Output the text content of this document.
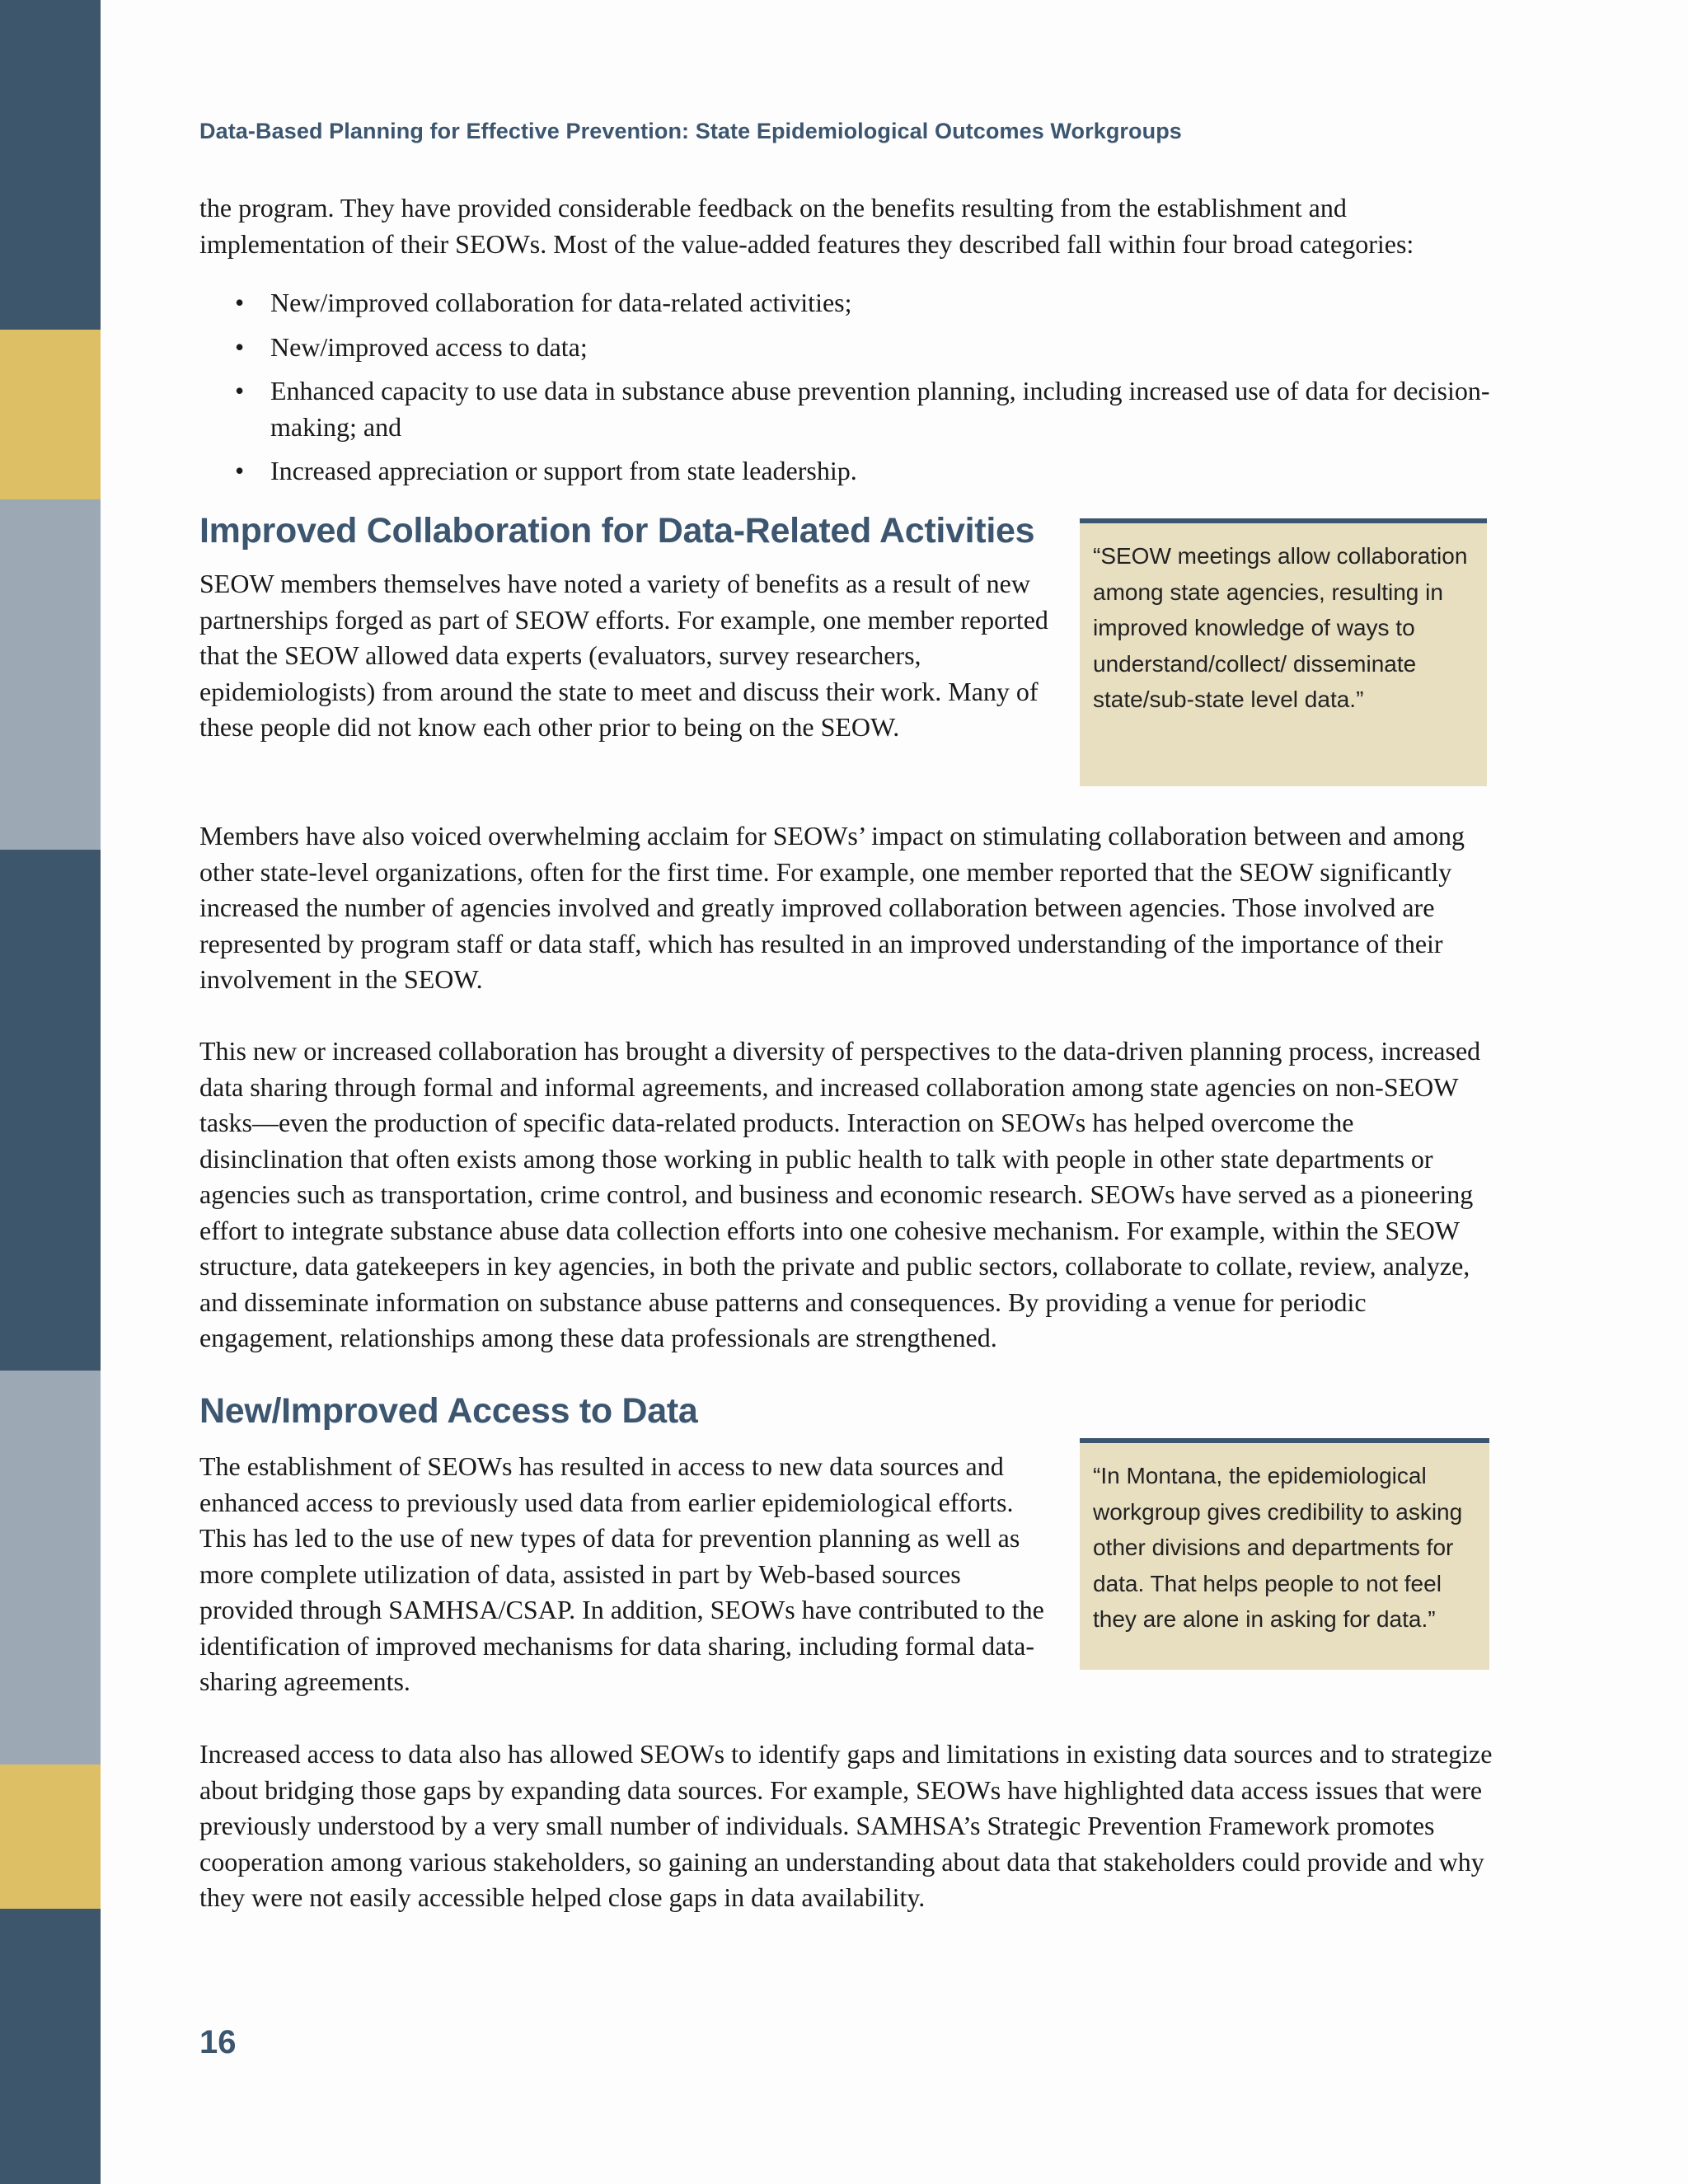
Data-Based Planning for Effective Prevention: State Epidemiological Outcomes Workgroups

the program. They have provided considerable feedback on the benefits resulting from the establishment and implementation of their SEOWs. Most of the value-added features they described fall within four broad categories:

• New/improved collaboration for data-related activities;
• New/improved access to data;
• Enhanced capacity to use data in substance abuse prevention planning, including increased use of data for decision-making; and
• Increased appreciation or support from state leadership.
Improved Collaboration for Data-Related Activities

SEOW members themselves have noted a variety of benefits as a result of new partnerships forged as part of SEOW efforts. For example, one member reported that the SEOW allowed data experts (evaluators, survey researchers, epidemiologists) from around the state to meet and discuss their work. Many of these people did not know each other prior to being on the SEOW.

“SEOW meetings allow collaboration among state agencies, resulting in improved knowledge of ways to understand/collect/ disseminate state/sub-state level data.”

Members have also voiced overwhelming acclaim for SEOWs’ impact on stimulating collaboration between and among other state-level organizations, often for the first time. For example, one member reported that the SEOW significantly increased the number of agencies involved and greatly improved collaboration between agencies. Those involved are represented by program staff or data staff, which has resulted in an improved understanding of the importance of their involvement in the SEOW.

This new or increased collaboration has brought a diversity of perspectives to the data-driven planning process, increased data sharing through formal and informal agreements, and increased collaboration among state agencies on non-SEOW tasks—even the production of specific data-related products. Interaction on SEOWs has helped overcome the disinclination that often exists among those working in public health to talk with people in other state departments or agencies such as transportation, crime control, and business and economic research. SEOWs have served as a pioneering effort to integrate substance abuse data collection efforts into one cohesive mechanism. For example, within the SEOW structure, data gatekeepers in key agencies, in both the private and public sectors, collaborate to collate, review, analyze, and disseminate information on substance abuse patterns and consequences. By providing a venue for periodic engagement, relationships among these data professionals are strengthened.

New/Improved Access to Data

The establishment of SEOWs has resulted in access to new data sources and enhanced access to previously used data from earlier epidemiological efforts. This has led to the use of new types of data for prevention planning as well as more complete utilization of data, assisted in part by Web-based sources provided through SAMHSA/CSAP. In addition, SEOWs have contributed to the identification of improved mechanisms for data sharing, including formal data-sharing agreements.

“In Montana, the epidemiological workgroup gives credibility to asking other divisions and departments for data. That helps people to not feel they are alone in asking for data.”

Increased access to data also has allowed SEOWs to identify gaps and limitations in existing data sources and to strategize about bridging those gaps by expanding data sources. For example, SEOWs have highlighted data access issues that were previously understood by a very small number of individuals. SAMHSA’s Strategic Prevention Framework promotes cooperation among various stakeholders, so gaining an understanding about data that stakeholders could provide and why they were not easily accessible helped close gaps in data availability.

16
